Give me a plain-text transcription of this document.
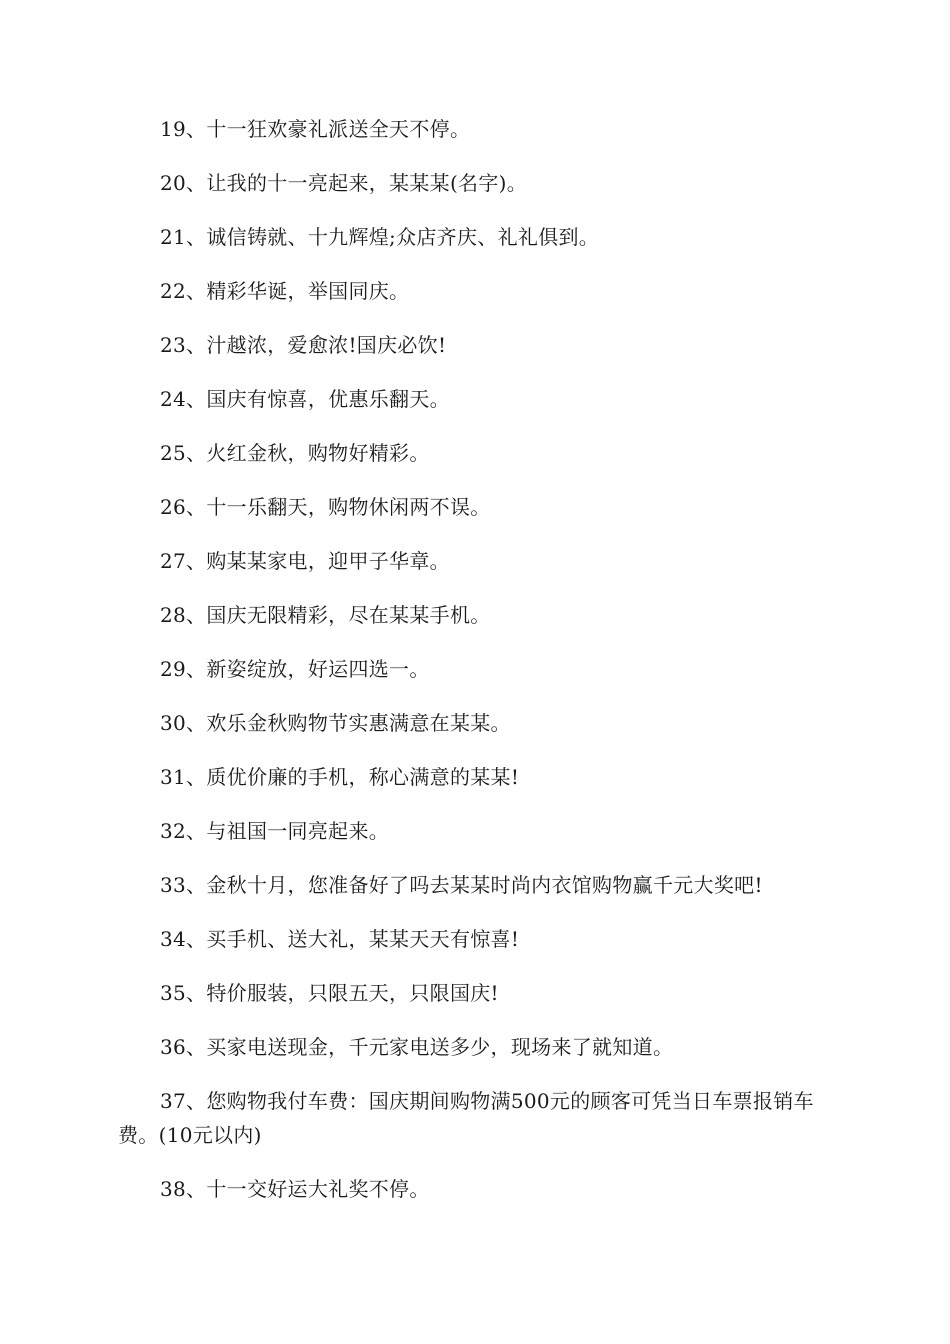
19、十一狂欢豪礼派送全天不停。

20、让我的十一亮起来，某某某(名字)。

21、诚信铸就、十九辉煌;众店齐庆、礼礼俱到。

22、精彩华诞，举国同庆。

23、汁越浓，爱愈浓!国庆必饮!

24、国庆有惊喜，优惠乐翻天。

25、火红金秋，购物好精彩。

26、十一乐翻天，购物休闲两不误。

27、购某某家电，迎甲子华章。

28、国庆无限精彩，尽在某某手机。

29、新姿绽放，好运四选一。

30、欢乐金秋购物节实惠满意在某某。

31、质优价廉的手机，称心满意的某某!

32、与祖国一同亮起来。

33、金秋十月，您准备好了吗去某某时尚内衣馆购物赢千元大奖吧!

34、买手机、送大礼，某某天天有惊喜!

35、特价服装，只限五天，只限国庆!

36、买家电送现金，千元家电送多少，现场来了就知道。

37、您购物我付车费：国庆期间购物满500元的顾客可凭当日车票报销车费。(10元以内)

38、十一交好运大礼奖不停。
